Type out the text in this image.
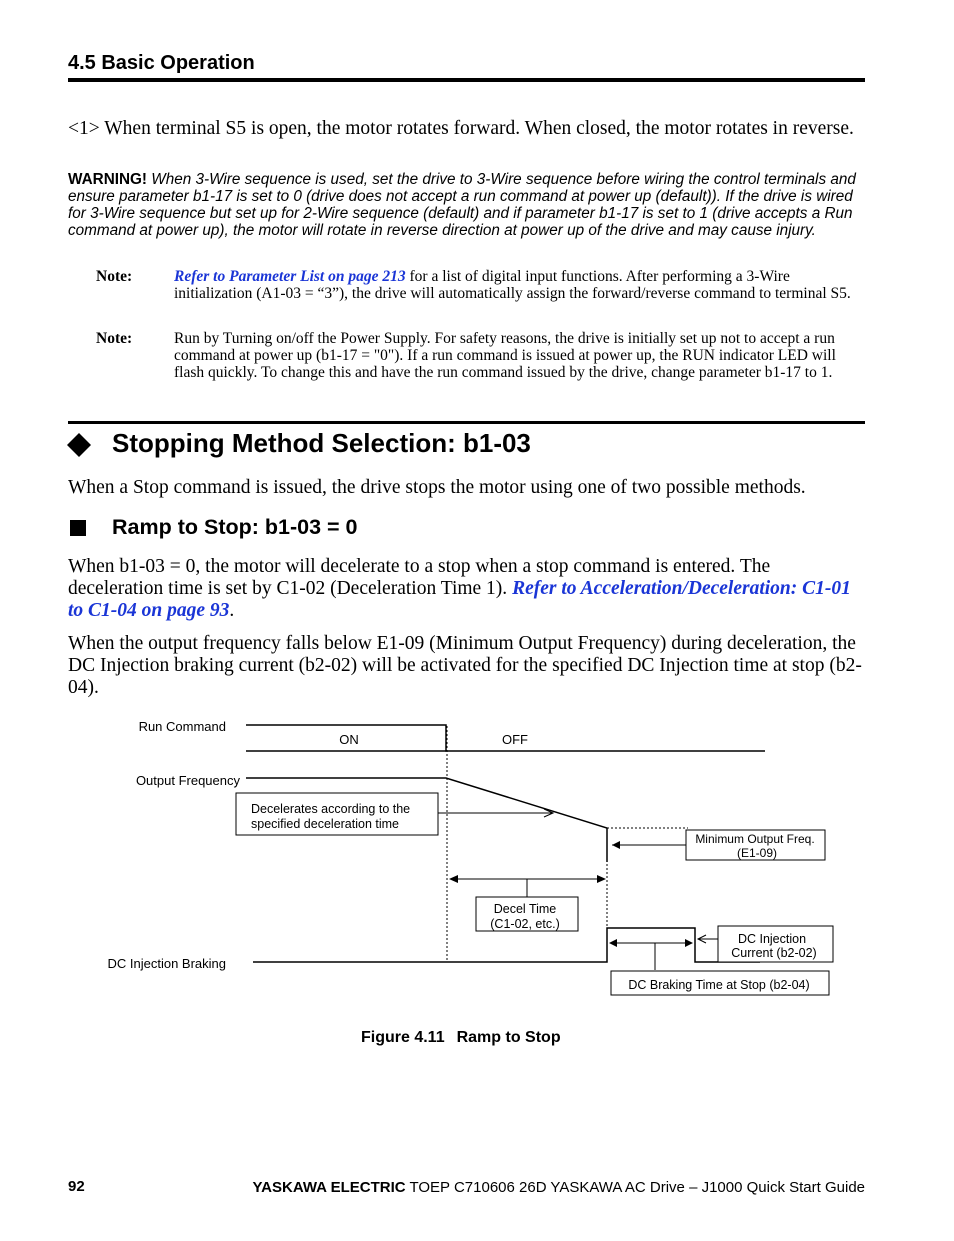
4.5 Basic Operation
<1> When terminal S5 is open, the motor rotates forward. When closed, the motor rotates in reverse.
WARNING! When 3-Wire sequence is used, set the drive to 3-Wire sequence before wiring the control terminals and ensure parameter b1-17 is set to 0 (drive does not accept a run command at power up (default)). If the drive is wired for 3-Wire sequence but set up for 2-Wire sequence (default) and if parameter b1-17 is set to 1 (drive accepts a Run command at power up), the motor will rotate in reverse direction at power up of the drive and may cause injury.
Note:	Refer to Parameter List on page 213 for a list of digital input functions. After performing a 3-Wire initialization (A1-03 = “3”), the drive will automatically assign the forward/reverse command to terminal S5.
Note:	Run by Turning on/off the Power Supply. For safety reasons, the drive is initially set up not to accept a run command at power up (b1-17 = "0"). If a run command is issued at power up, the RUN indicator LED will flash quickly. To change this and have the run command issued by the drive, change parameter b1-17 to 1.
Stopping Method Selection: b1-03
When a Stop command is issued, the drive stops the motor using one of two possible methods.
Ramp to Stop: b1-03 = 0
When b1-03 = 0, the motor will decelerate to a stop when a stop command is entered. The deceleration time is set by C1-02 (Deceleration Time 1). Refer to Acceleration/Deceleration: C1-01 to C1-04 on page 93.
When the output frequency falls below E1-09 (Minimum Output Frequency) during deceleration, the DC Injection braking current (b2-02) will be activated for the specified DC Injection time at stop (b2-04).
Run Command
ON	OFF
Output Frequency
Decelerates according to the
specified deceleration time
Minimum Output Freq.
(E1-09)
Decel Time
(C1-02, etc.)
DC Injection Braking
DC Injection
Current (b2-02)
DC Braking Time at Stop (b2-04)
Figure 4.11 Ramp to Stop
92	YASKAWA ELECTRIC TOEP C710606 26D YASKAWA AC Drive – J1000 Quick Start Guide
